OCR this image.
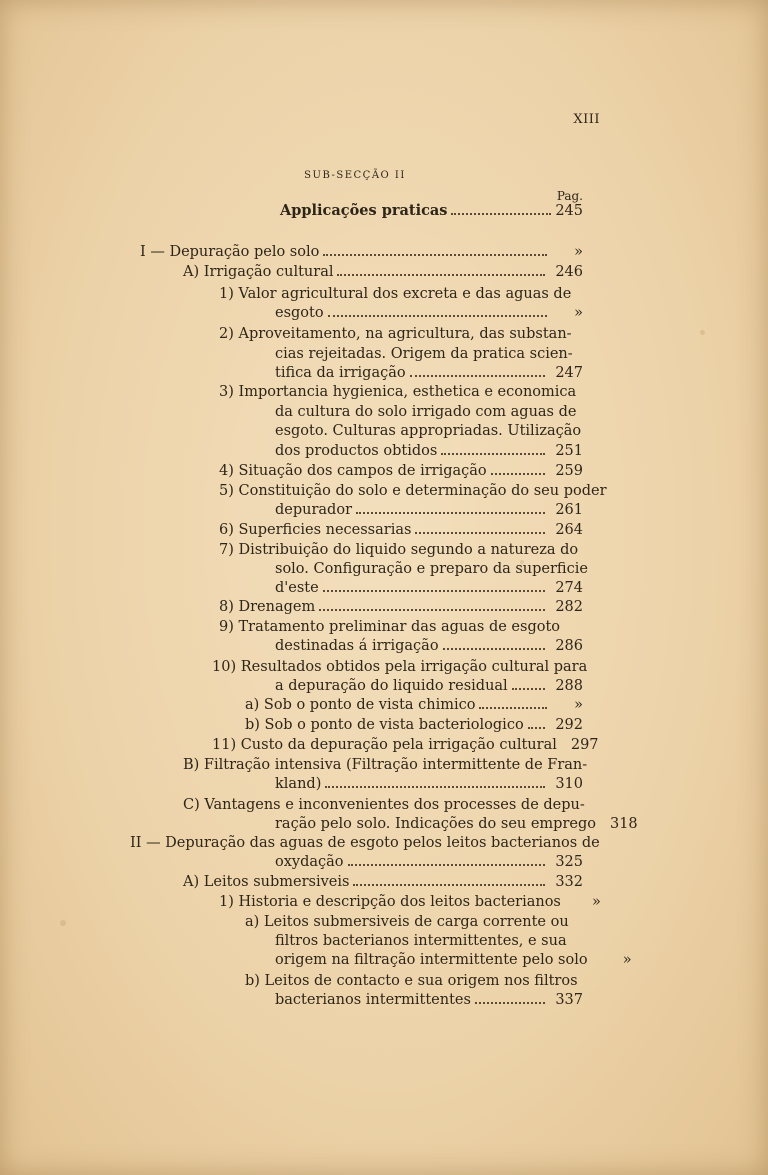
XIII
SUB-SECÇÃO II
Pag.
Applicações praticas	245
I — Depuração pelo solo	»
A) Irrigação cultural	246
1) Valor agricultural dos excreta e das aguas de
esgoto	»
2) Aproveitamento, na agricultura, das substan-
cias rejeitadas. Origem da pratica scien-
tifica da irrigação	247
3) Importancia hygienica, esthetica e economica
da cultura do solo irrigado com aguas de
esgoto. Culturas appropriadas. Utilização
dos productos obtidos	251
4) Situação dos campos de irrigação	259
5) Constituição do solo e determinação do seu poder
depurador	261
6) Superficies necessarias	264
7) Distribuição do liquido segundo a natureza do
solo. Configuração e preparo da superficie
d'este	274
8) Drenagem	282
9) Tratamento preliminar das aguas de esgoto
destinadas á irrigação	286
10) Resultados obtidos pela irrigação cultural para
a depuração do liquido residual	288
a) Sob o ponto de vista chimico	»
b) Sob o ponto de vista bacteriologico 292
11) Custo da depuração pela irrigação cultural 297
B) Filtração intensiva (Filtração intermittente de Fran-
kland)	310
C) Vantagens e inconvenientes dos processes de depu-
ração pelo solo. Indicações do seu emprego 318
II — Depuração das aguas de esgoto pelos leitos bacterianos de
oxydação	325
A) Leitos submersiveis	332
1) Historia e descripção dos leitos bacterianos	»
a) Leitos submersiveis de carga corrente ou
filtros bacterianos intermittentes, e sua
origem na filtração intermittente pelo solo	»
b) Leitos de contacto e sua origem nos filtros
bacterianos intermittentes	337
